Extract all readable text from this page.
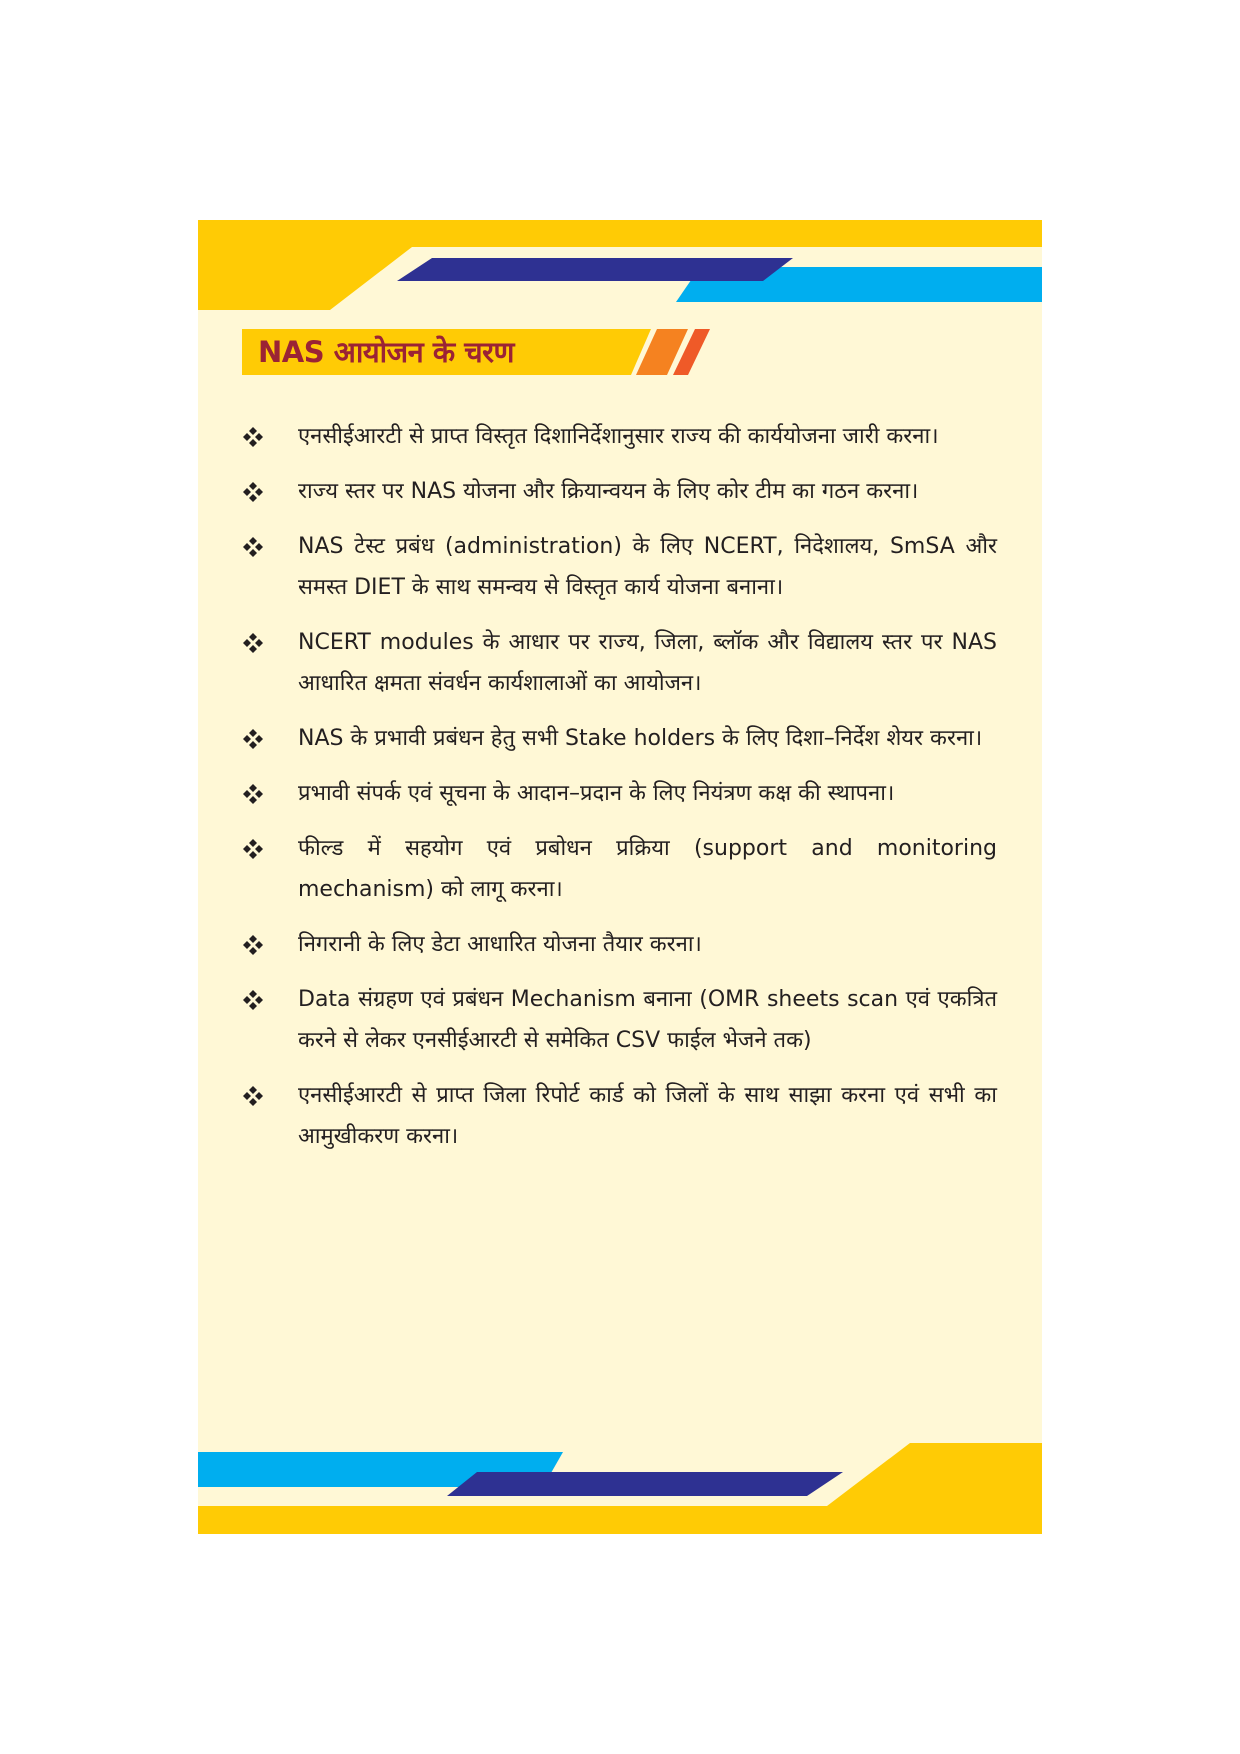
NAS आयोजन के चरण
एनसीईआरटी से प्राप्त विस्तृत दिशानिर्देशानुसार राज्य की कार्ययोजना जारी करना।
राज्य स्तर पर NAS योजना और क्रियान्वयन के लिए कोर टीम का गठन करना।
NAS टेस्ट प्रबंध (administration) के लिए NCERT, निदेशालय, SmSA और समस्त DIET के साथ समन्वय से विस्तृत कार्य योजना बनाना।
NCERT modules के आधार पर राज्य, जिला, ब्लॉक और विद्यालय स्तर पर NAS आधारित क्षमता संवर्धन कार्यशालाओं का आयोजन।
NAS के प्रभावी प्रबंधन हेतु सभी Stake holders के लिए दिशा–निर्देश शेयर करना।
प्रभावी संपर्क एवं सूचना के आदान–प्रदान के लिए नियंत्रण कक्ष की स्थापना।
फील्ड में सहयोग एवं प्रबोधन प्रक्रिया (support and monitoring mechanism) को लागू करना।
निगरानी के लिए डेटा आधारित योजना तैयार करना।
Data संग्रहण एवं प्रबंधन Mechanism बनाना (OMR sheets scan एवं एकत्रित करने से लेकर एनसीईआरटी से समेकित CSV फाईल भेजने तक)
एनसीईआरटी से प्राप्त जिला रिपोर्ट कार्ड को जिलों के साथ साझा करना एवं सभी का आमुखीकरण करना।
